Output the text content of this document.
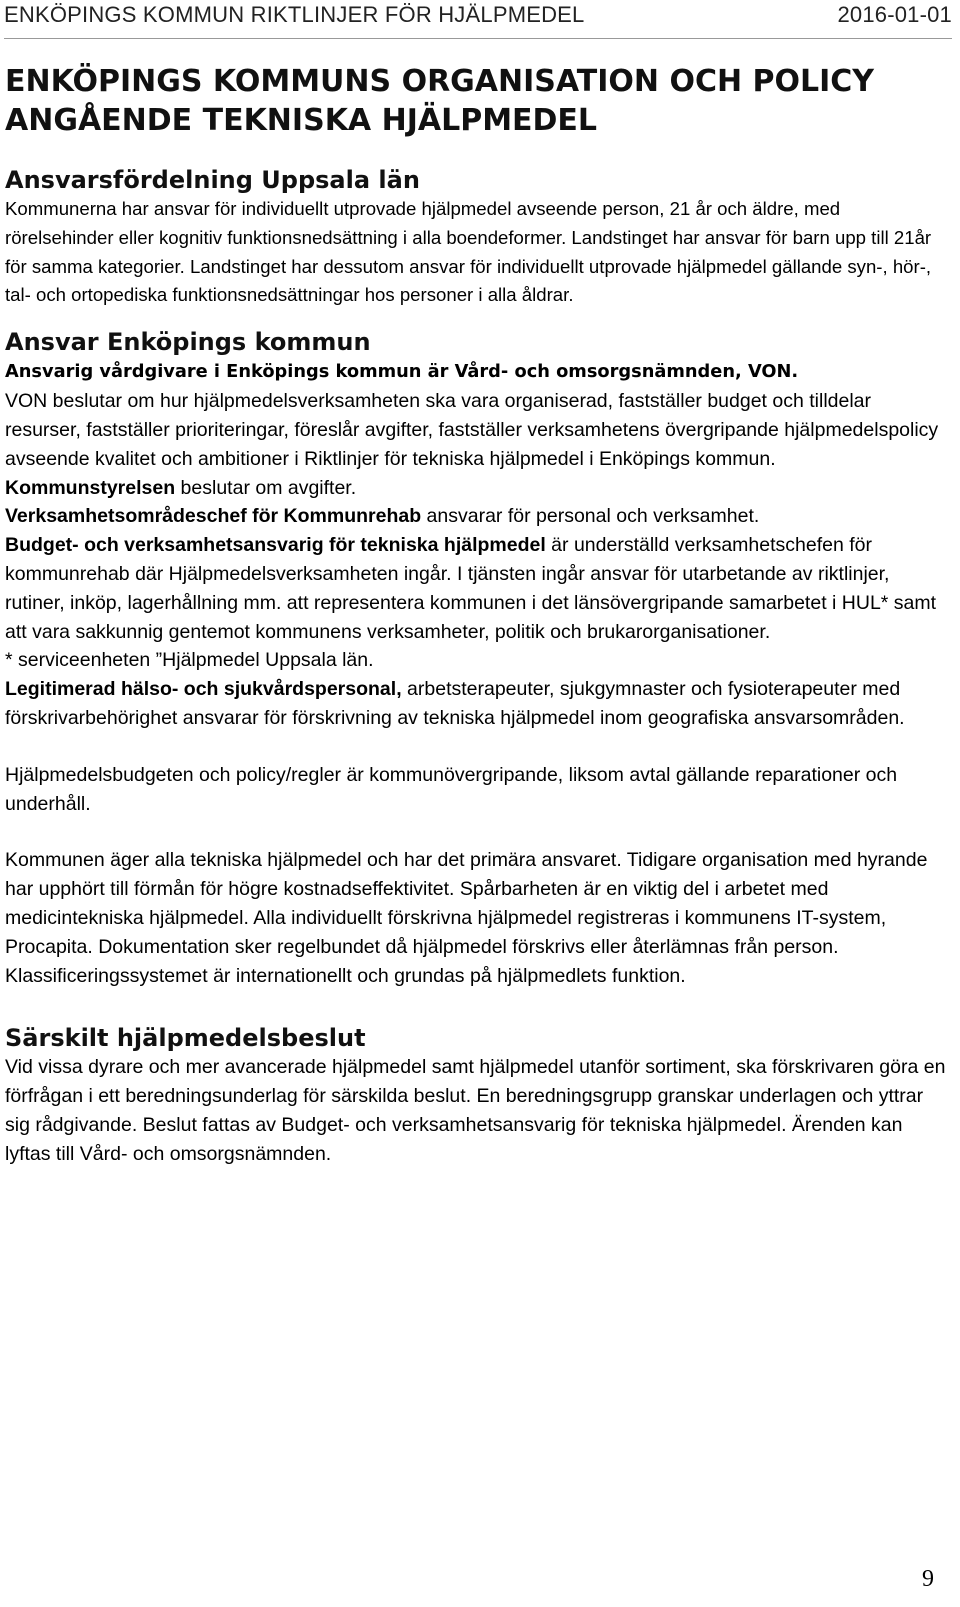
ENKÖPINGS KOMMUN RIKTLINJER FÖR HJÄLPMEDEL	2016-01-01
ENKÖPINGS KOMMUNS ORGANISATION OCH POLICY ANGÅENDE TEKNISKA HJÄLPMEDEL
Ansvarsfördelning Uppsala län

Kommunerna har ansvar för individuellt utprovade hjälpmedel avseende person, 21 år och äldre, med rörelsehinder eller kognitiv funktionsnedsättning i alla boendeformer. Landstinget har ansvar för barn upp till 21år för samma kategorier. Landstinget har dessutom ansvar för individuellt utprovade hjälpmedel gällande syn-, hör-, tal- och ortopediska funktionsnedsättningar hos personer i alla åldrar.

Ansvar Enköpings kommun
Ansvarig vårdgivare i Enköpings kommun är Vård- och omsorgsnämnden, VON.

VON beslutar om hur hjälpmedelsverksamheten ska vara organiserad, fastställer budget och tilldelar resurser, fastställer prioriteringar, föreslår avgifter, fastställer verksamhetens övergripande hjälpmedelspolicy avseende kvalitet och ambitioner i Riktlinjer för tekniska hjälpmedel i Enköpings kommun.

Kommunstyrelsen beslutar om avgifter.

Verksamhetsområdeschef för Kommunrehab ansvarar för personal och verksamhet.

Budget- och verksamhetsansvarig för tekniska hjälpmedel är underställd verksamhetschefen för kommunrehab där Hjälpmedelsverksamheten ingår. I tjänsten ingår ansvar för utarbetande av riktlinjer, rutiner, inköp, lagerhållning mm. att representera kommunen i det länsövergripande samarbetet i HUL* samt att vara sakkunnig gentemot kommunens verksamheter, politik och brukarorganisationer.

* serviceenheten ”Hjälpmedel Uppsala län.

Legitimerad hälso- och sjukvårdspersonal, arbetsterapeuter, sjukgymnaster och fysioterapeuter med förskrivarbehörighet ansvarar för förskrivning av tekniska hjälpmedel inom geografiska ansvarsområden.

Hjälpmedelsbudgeten och policy/regler är kommunövergripande, liksom avtal gällande reparationer och underhåll.

Kommunen äger alla tekniska hjälpmedel och har det primära ansvaret. Tidigare organisation med hyrande har upphört till förmån för högre kostnadseffektivitet. Spårbarheten är en viktig del i arbetet med medicintekniska hjälpmedel. Alla individuellt förskrivna hjälpmedel registreras i kommunens IT-system, Procapita. Dokumentation sker regelbundet då hjälpmedel förskrivs eller återlämnas från person. Klassificeringssystemet är internationellt och grundas på hjälpmedlets funktion.

Särskilt hjälpmedelsbeslut

Vid vissa dyrare och mer avancerade hjälpmedel samt hjälpmedel utanför sortiment, ska förskrivaren göra en förfrågan i ett beredningsunderlag för särskilda beslut. En beredningsgrupp granskar underlagen och yttrar sig rådgivande. Beslut fattas av Budget- och verksamhetsansvarig för tekniska hjälpmedel. Ärenden kan lyftas till Vård- och omsorgsnämnden.

9
